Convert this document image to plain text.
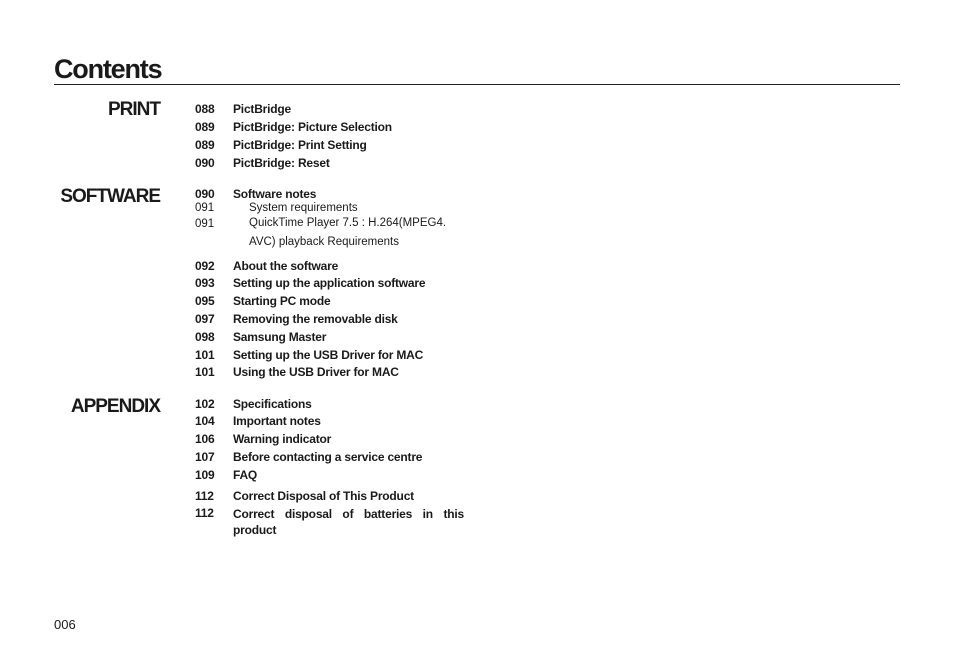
Contents
PRINT	088	PictBridge
089	PictBridge: Picture Selection
089	PictBridge: Print Setting
090	PictBridge: Reset
SOFTWARE	090	Software notes
091	System requirements
091	QuickTime Player 7.5 : H.264(MPEG4. AVC) playback Requirements
092	About the software
093	Setting up the application software
095	Starting PC mode
097	Removing the removable disk
098	Samsung Master
101	Setting up the USB Driver for MAC
101	Using the USB Driver for MAC
APPENDIX	102	Specifications
104	Important notes
106	Warning indicator
107	Before contacting a service centre
109	FAQ
112	Correct Disposal of This Product
112	Correct disposal of batteries in this product
006
